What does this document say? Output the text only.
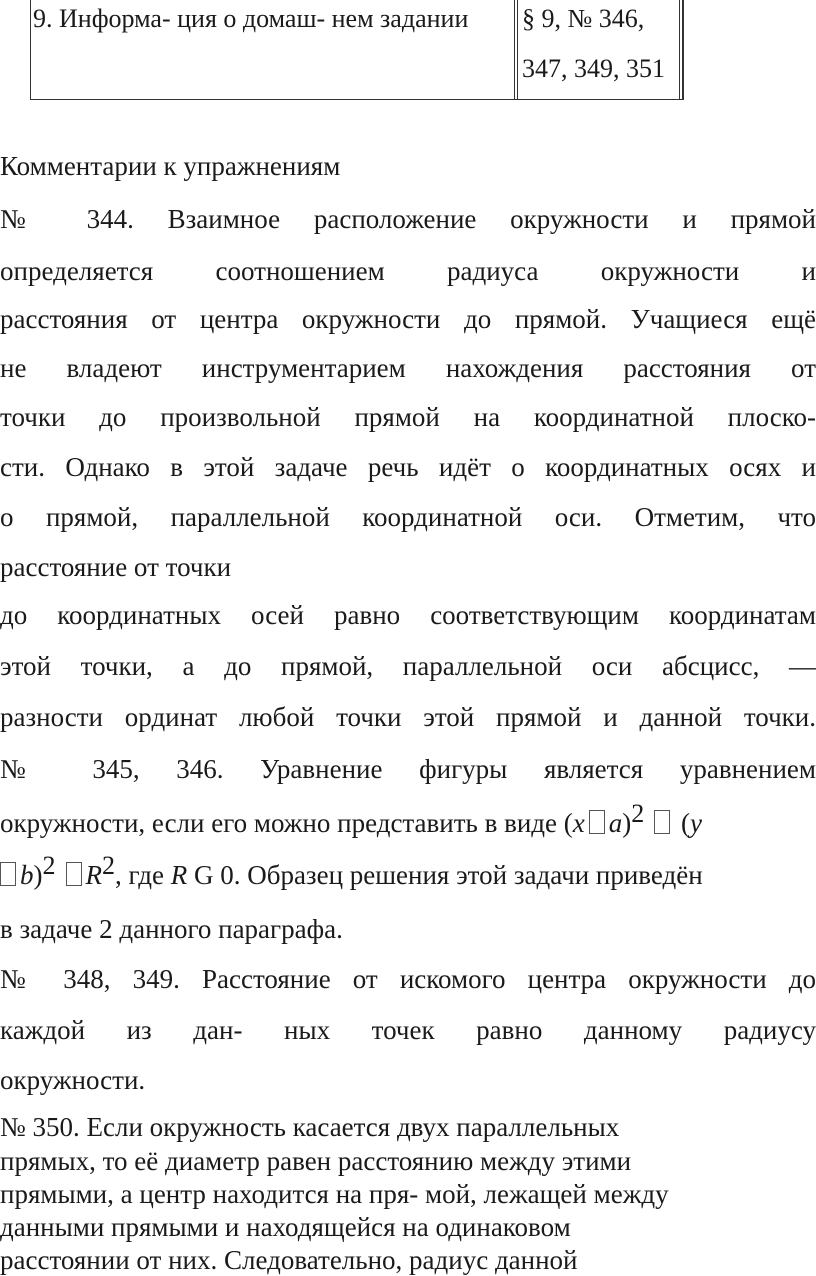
9. Информа- ция о домаш- нем задании § 9, № 346,
347, 349, 351
Комментарии к упражнениям
№ 344. Взаимное расположение окружности и прямой
определяется соотношением радиуса окружности и
расстояния от центра окружности до прямой. Учащиеся ещё
не владеют инструментарием нахождения расстояния от
точки до произвольной прямой на координатной плоско-
сти. Однако в этой задаче речь идёт о координатных осях и
о прямой, параллельной координатной оси. Отметим, что
расстояние от точки
до координатных осей равно соответствующим координатам
этой точки, а до прямой, параллельной оси абсцисс, —
разности ординат любой точки этой прямой и данной точки.
№ 345, 346. Уравнение фигуры является уравнением
окружности, если его можно представить в виде (x a)$^2$ (y
b)$^2$ $R^2$, где R G 0. Образец решения этой задачи приведён
в задаче 2 данного параграфа.
№ 348, 349. Расстояние от искомого центра окружности до
каждой из дан- ных точек равно данному радиусу
окружности.
№ 350. Если окружность касается двух параллельных
прямых, то её диаметр равен расстоянию между этими
прямыми, а центр находится на пря- мой, лежащей между
данными прямыми и находящейся на одинаковом
расстоянии от них. Следовательно, радиус данной
